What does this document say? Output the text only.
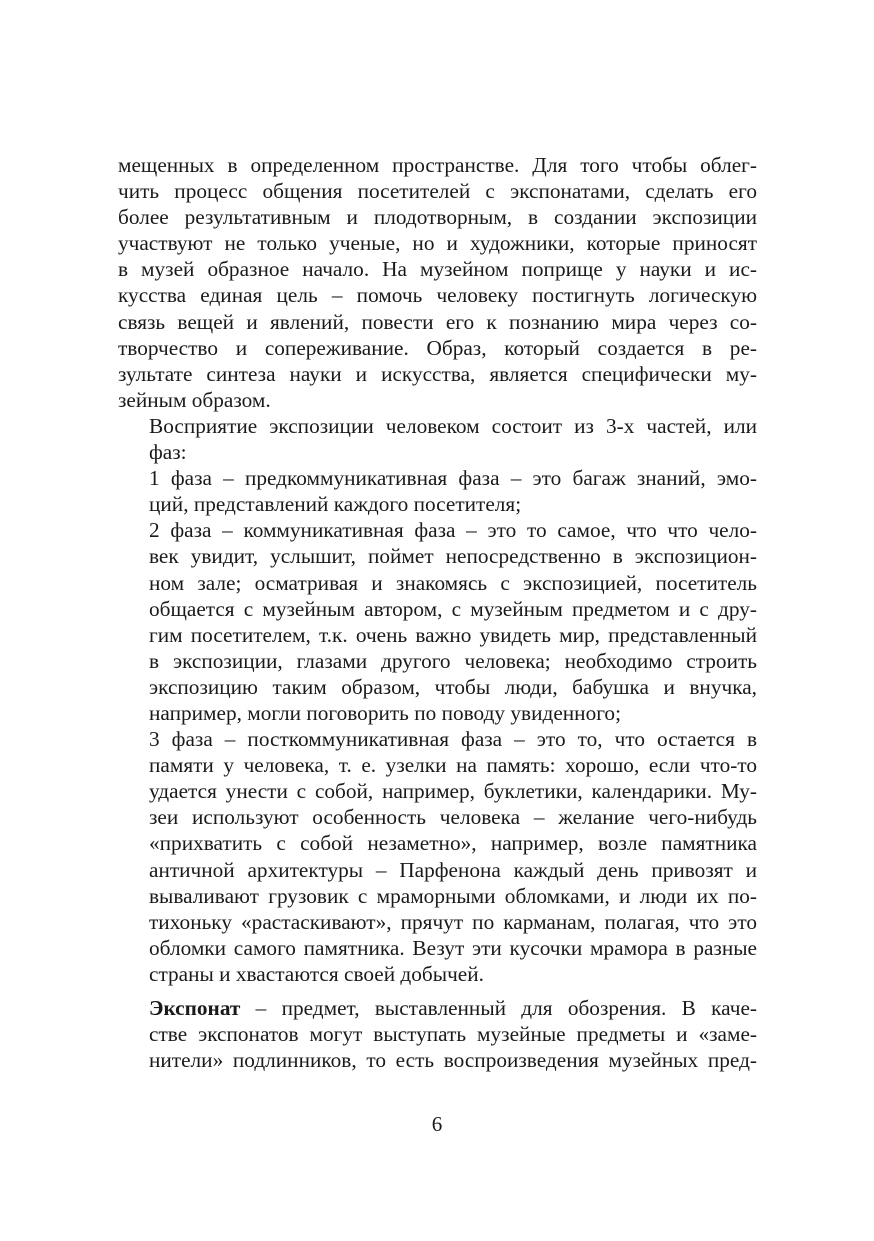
мещенных в определенном пространстве. Для того чтобы облег-
чить процесс общения посетителей с экспонатами, сделать его
более результативным и плодотворным, в создании экспозиции
участвуют не только ученые, но и художники, которые приносят
в музей образное начало. На музейном поприще у науки и ис-
кусства единая цель – помочь человеку постигнуть логическую
связь вещей и явлений, повести его к познанию мира через со-
творчество и сопереживание. Образ, который создается в ре-
зультате синтеза науки и искусства, является специфически му-
зейным образом.

Восприятие экспозиции человеком состоит из 3-х частей, или
фаз:

1 фаза – предкоммуникативная фаза – это багаж знаний, эмо-
ций, представлений каждого посетителя;

2 фаза – коммуникативная фаза – это то самое, что что чело-
век увидит, услышит, поймет непосредственно в экспозицион-
ном зале; осматривая и знакомясь с экспозицией, посетитель
общается с музейным автором, с музейным предметом и с дру-
гим посетителем, т.к. очень важно увидеть мир, представленный
в экспозиции, глазами другого человека; необходимо строить
экспозицию таким образом, чтобы люди, бабушка и внучка,
например, могли поговорить по поводу увиденного;

3 фаза – посткоммуникативная фаза – это то, что остается в
памяти у человека, т. е. узелки на память: хорошо, если что-то
удается унести с собой, например, буклетики, календарики. Му-
зеи используют особенность человека – желание чего-нибудь
«прихватить с собой незаметно», например, возле памятника
античной архитектуры – Парфенона каждый день привозят и
вываливают грузовик с мраморными обломками, и люди их по-
тихоньку «растаскивают», прячут по карманам, полагая, что это
обломки самого памятника. Везут эти кусочки мрамора в разные
страны и хвастаются своей добычей.

Экспонат – предмет, выставленный для обозрения. В каче-
стве экспонатов могут выступать музейные предметы и «заме-
нители» подлинников, то есть воспроизведения музейных пред-

6
